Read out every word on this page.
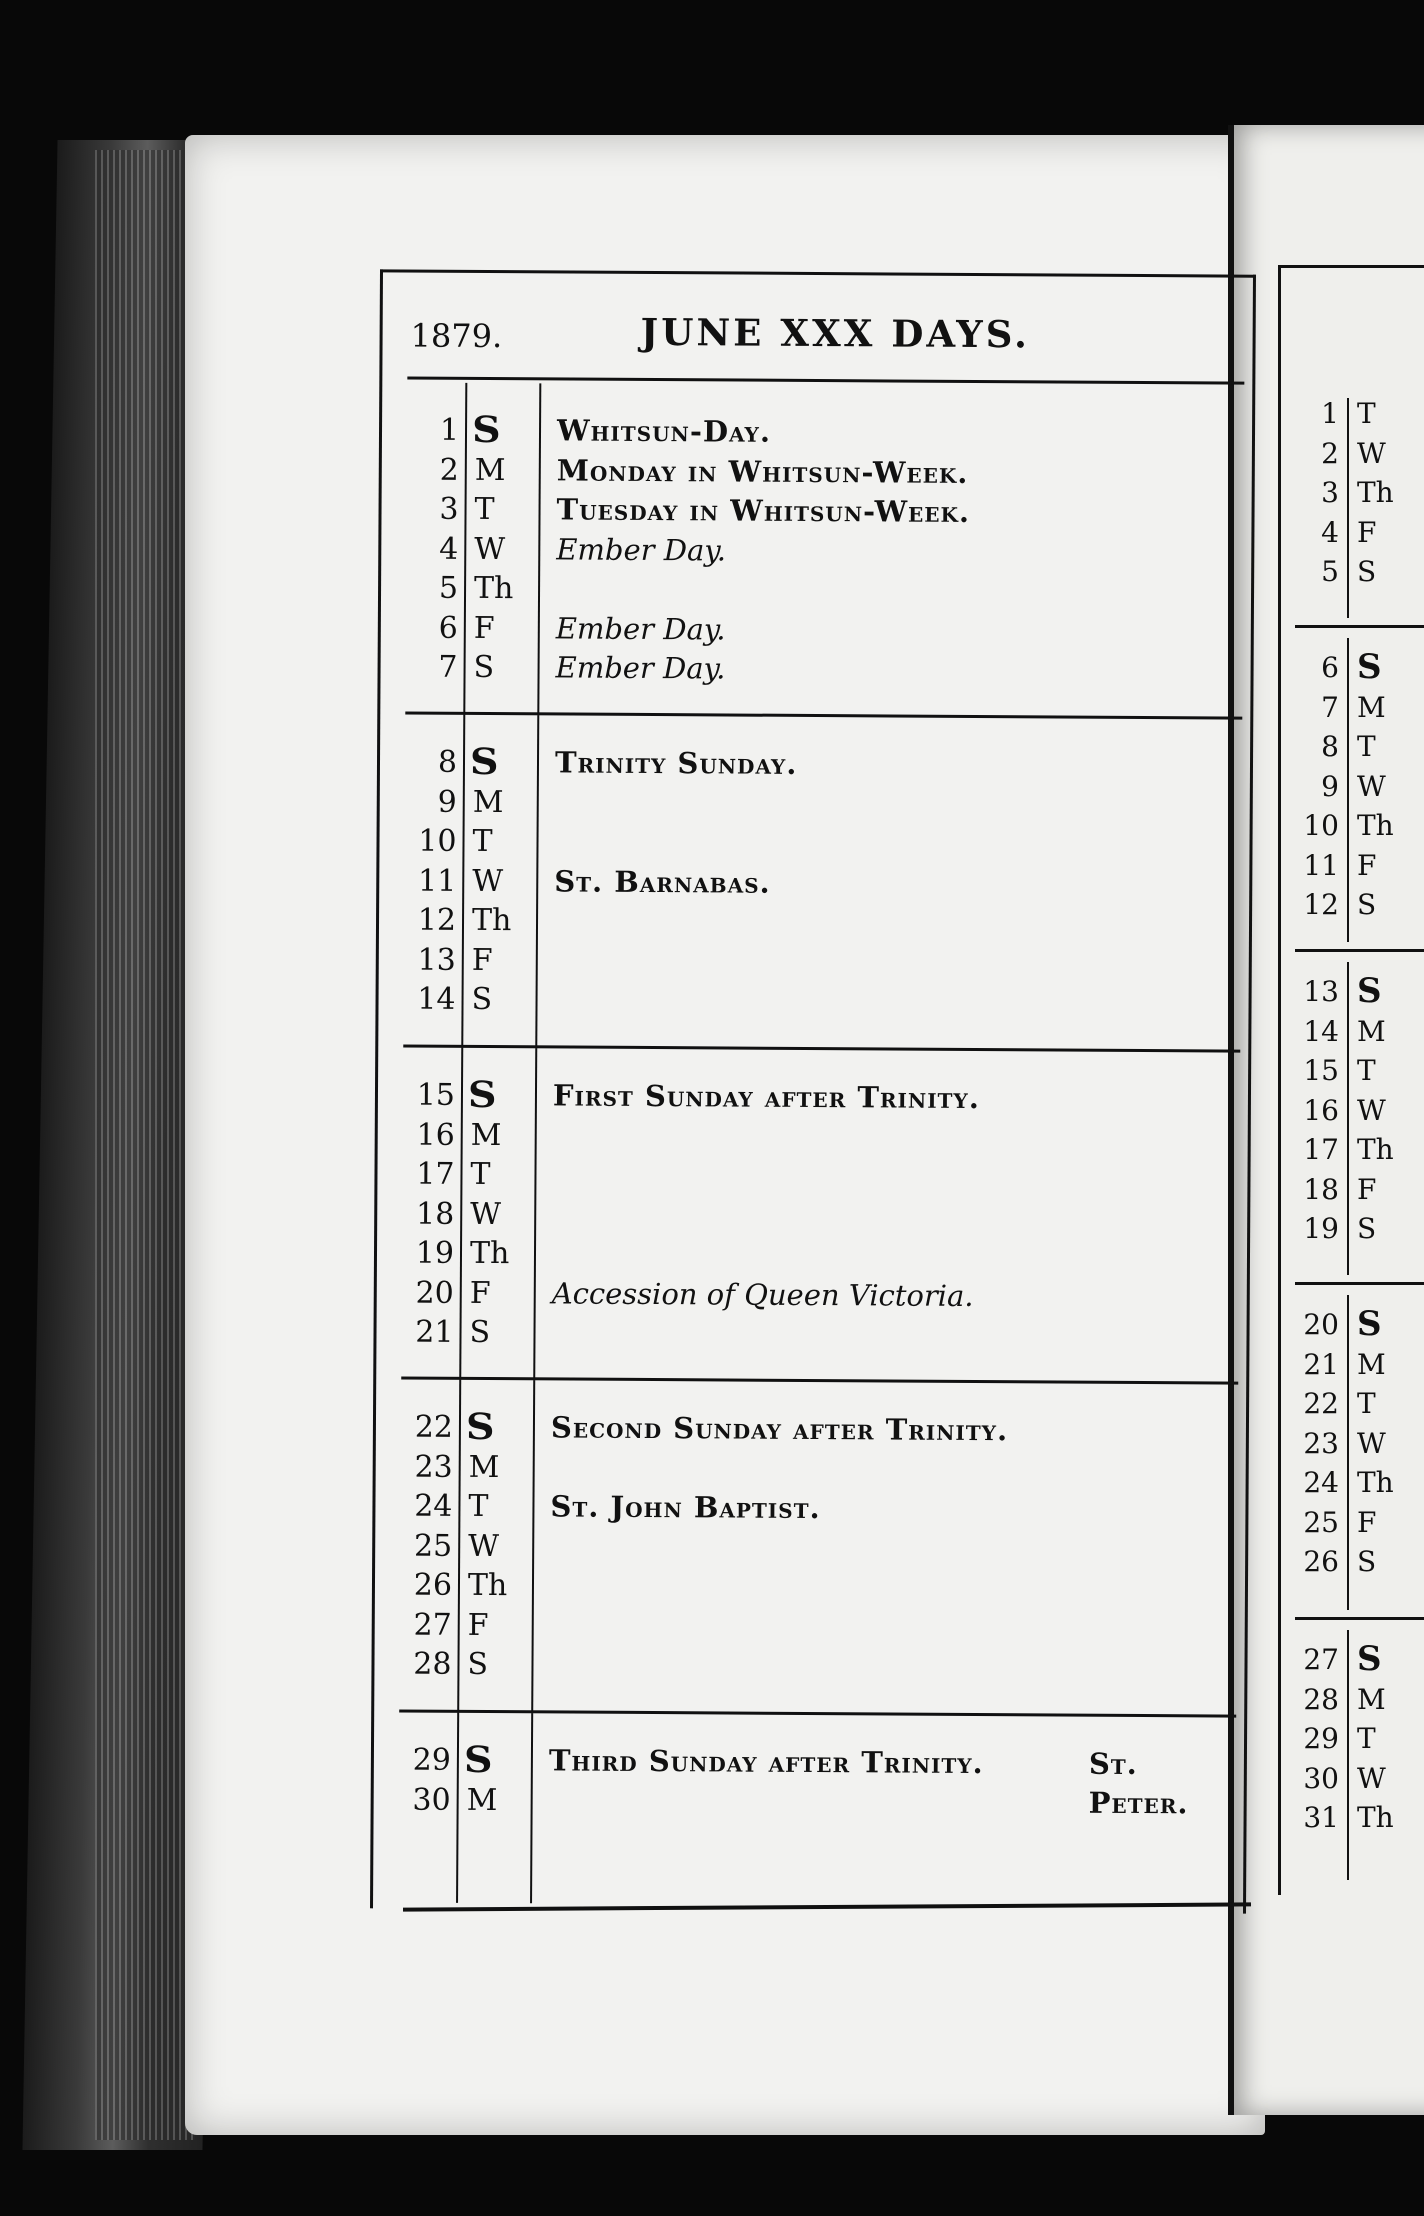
1879.	JUNE XXX DAYS.
1 S	Whitsun-Day.
2 M	Monday in Whitsun-Week.
3 T	Tuesday in Whitsun-Week.
4 W	Ember Day.
5 Th
6 F	Ember Day.
7 S	Ember Day.
8 S	Trinity Sunday.
9 M
10 T
11 W	St. Barnabas.
12 Th
13 F
14 S
15 S	First Sunday after Trinity.
16 M
17 T
18 W
19 Th
20 F	Accession of Queen Victoria.
21 S
22 S	Second Sunday after Trinity.
23 M
24 T	St. John Baptist.
25 W
26 Th
27 F
28 S
29 S	Third Sunday after Trinity.	St. Peter.
30 M
1 T
2 W
3 Th
4 F
5 S
6 S
7 M
8 T
9 W
10 Th
11 F
12 S
13 S
14 M
15 T
16 W
17 Th
18 F
19 S
20 S
21 M
22 T
23 W
24 Th
25 F
26 S
27 S
28 M
29 T
30 W
31 Th
